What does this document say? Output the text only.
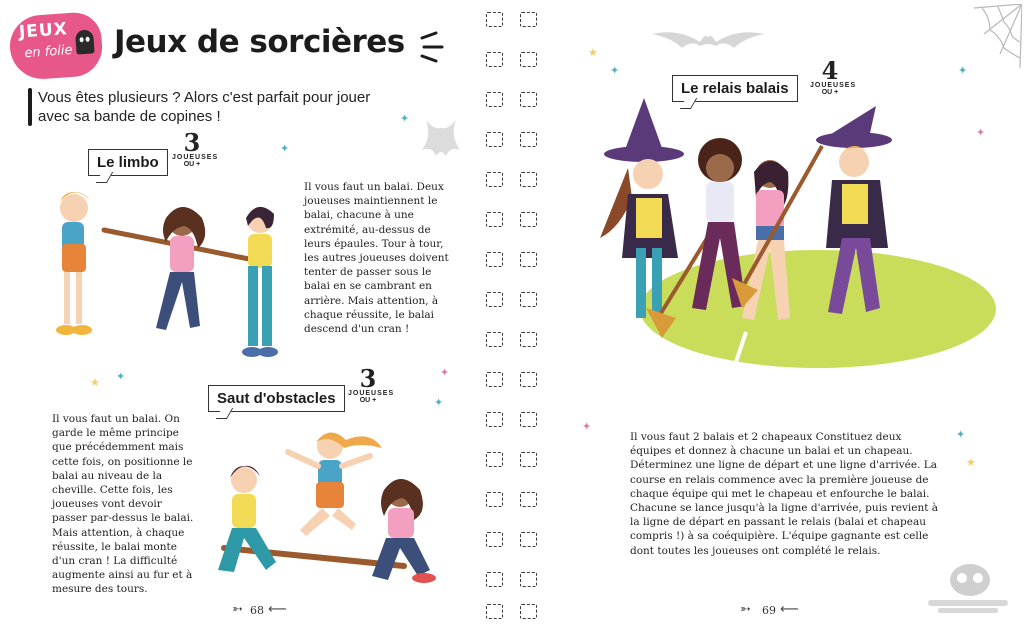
JEUX
en folie Jeux de sorcières
Vous êtes plusieurs ? Alors c'est parfait pour jouer avec sa bande de copines !
Le limbo
3
JOUEUSES
OU +
Il vous faut un balai. Deux joueuses maintiennent le balai, chacune à une extrémité, au-dessus de leurs épaules. Tour à tour, les autres joueuses doivent tenter de passer sous le balai en se cambrant en arrière. Mais attention, à chaque réussite, le balai descend d'un cran !
Saut d'obstacles
3
JOUEUSES
OU +
Il vous faut un balai. On garde le même principe que précédemment mais cette fois, on positionne le balai au niveau de la cheville. Cette fois, les joueuses vont devoir passer par-dessus le balai. Mais attention, à chaque réussite, le balai monte d'un cran ! La difficulté augmente ainsi au fur et à mesure des tours.
➳ 68 ⟵
Le relais balais
4
JOUEUSES
OU +
Il vous faut 2 balais et 2 chapeaux Constituez deux équipes et donnez à chacune un balai et un chapeau. Déterminez une ligne de départ et une ligne d'arrivée. La course en relais commence avec la première joueuse de chaque équipe qui met le chapeau et enfourche le balai. Chacune se lance jusqu'à la ligne d'arrivée, puis revient à la ligne de départ en passant le relais (balai et chapeau compris !) à sa coéquipière. L'équipe gagnante est celle dont toutes les joueuses ont complété le relais.
➳ 69 ⟵
✦
✦
✦
★
✦
✦
★
✦	✦
✦
✦
✦
★
